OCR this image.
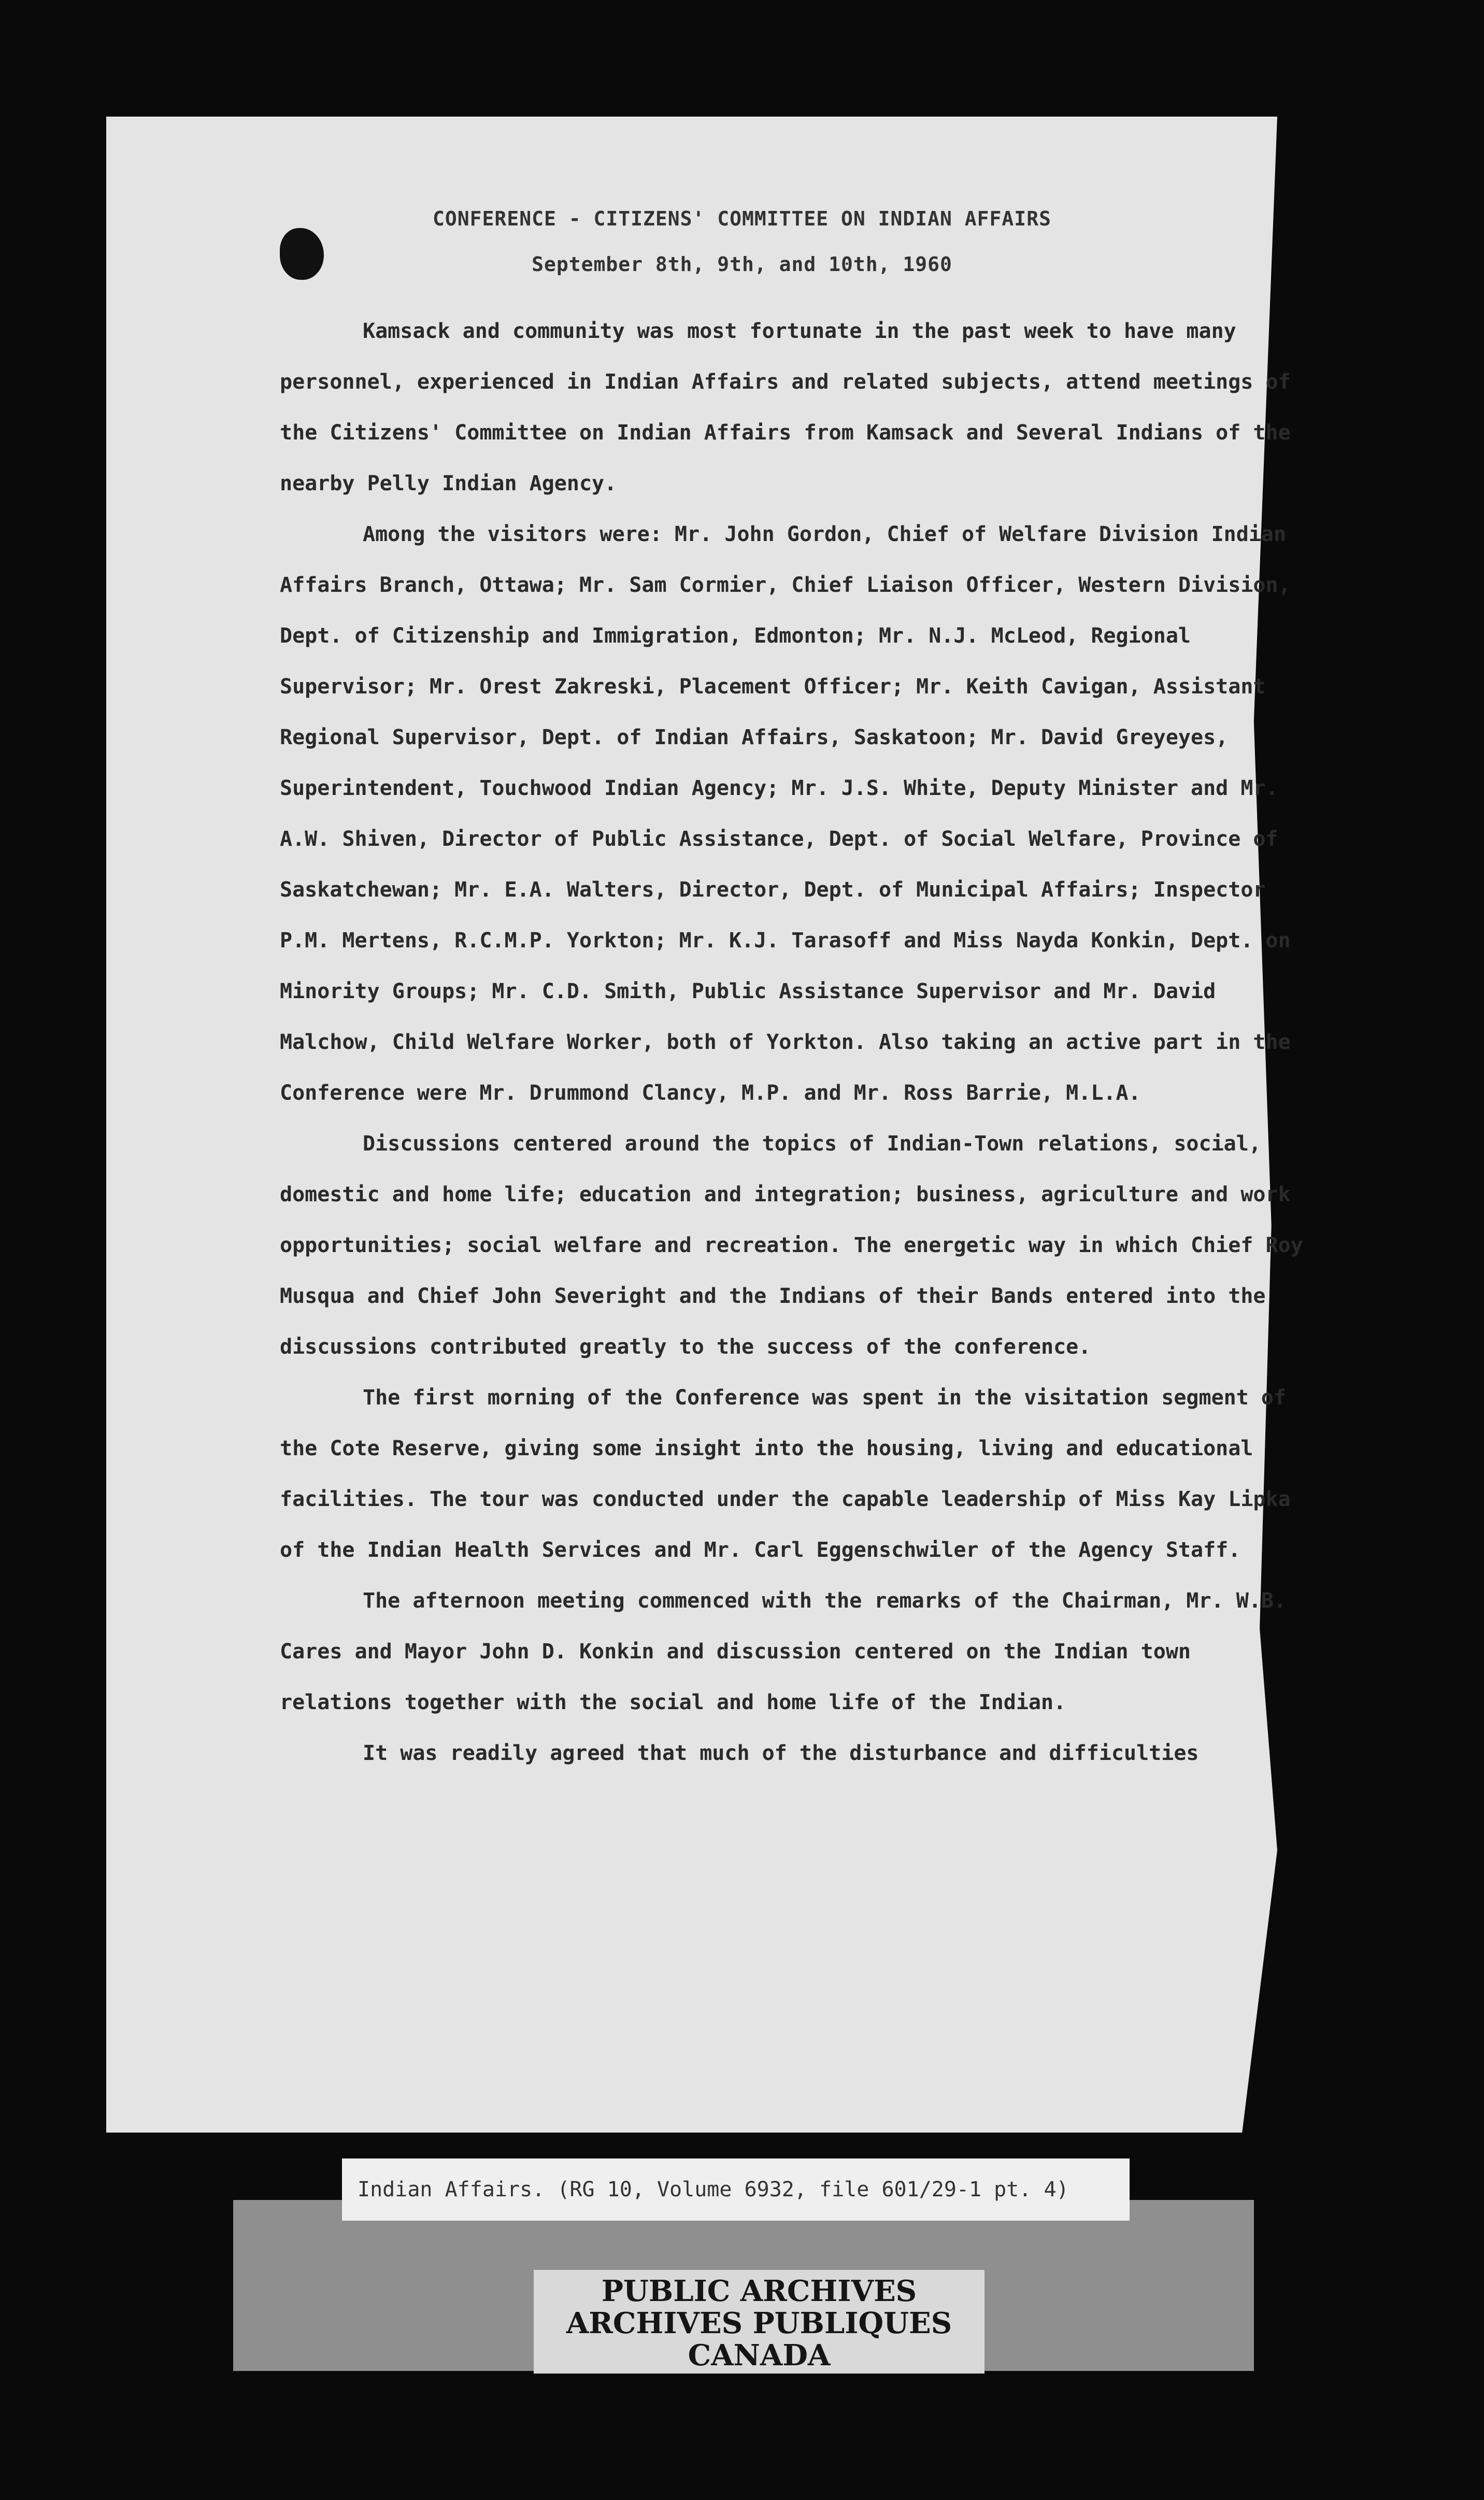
CONFERENCE - CITIZENS' COMMITTEE ON INDIAN AFFAIRS
September 8th, 9th, and 10th, 1960

Kamsack and community was most fortunate in the past week to have many personnel, experienced in Indian Affairs and related subjects, attend meetings of the Citizens' Committee on Indian Affairs from Kamsack and Several Indians of the nearby Pelly Indian Agency.

Among the visitors were: Mr. John Gordon, Chief of Welfare Division Indian Affairs Branch, Ottawa; Mr. Sam Cormier, Chief Liaison Officer, Western Division, Dept. of Citizenship and Immigration, Edmonton; Mr. N.J. McLeod, Regional Supervisor; Mr. Orest Zakreski, Placement Officer; Mr. Keith Cavigan, Assistant Regional Supervisor, Dept. of Indian Affairs, Saskatoon; Mr. David Greyeyes, Superintendent, Touchwood Indian Agency; Mr. J.S. White, Deputy Minister and Mr. A.W. Shiven, Director of Public Assistance, Dept. of Social Welfare, Province of Saskatchewan; Mr. E.A. Walters, Director, Dept. of Municipal Affairs; Inspector P.M. Mertens, R.C.M.P. Yorkton; Mr. K.J. Tarasoff and Miss Nayda Konkin, Dept. on Minority Groups; Mr. C.D. Smith, Public Assistance Supervisor and Mr. David Malchow, Child Welfare Worker, both of Yorkton. Also taking an active part in the Conference were Mr. Drummond Clancy, M.P. and Mr. Ross Barrie, M.L.A.

Discussions centered around the topics of Indian-Town relations, social, domestic and home life; education and integration; business, agriculture and work opportunities; social welfare and recreation. The energetic way in which Chief Roy Musqua and Chief John Severight and the Indians of their Bands entered into the discussions contributed greatly to the success of the conference.

The first morning of the Conference was spent in the visitation segment of the Cote Reserve, giving some insight into the housing, living and educational facilities. The tour was conducted under the capable leadership of Miss Kay Lipka of the Indian Health Services and Mr. Carl Eggenschwiler of the Agency Staff.

The afternoon meeting commenced with the remarks of the Chairman, Mr. W.B. Cares and Mayor John D. Konkin and discussion centered on the Indian town relations together with the social and home life of the Indian.

It was readily agreed that much of the disturbance and difficulties

Indian Affairs. (RG 10, Volume 6932, file 601/29-1 pt. 4)
PUBLIC ARCHIVES
ARCHIVES PUBLIQUES
CANADA
